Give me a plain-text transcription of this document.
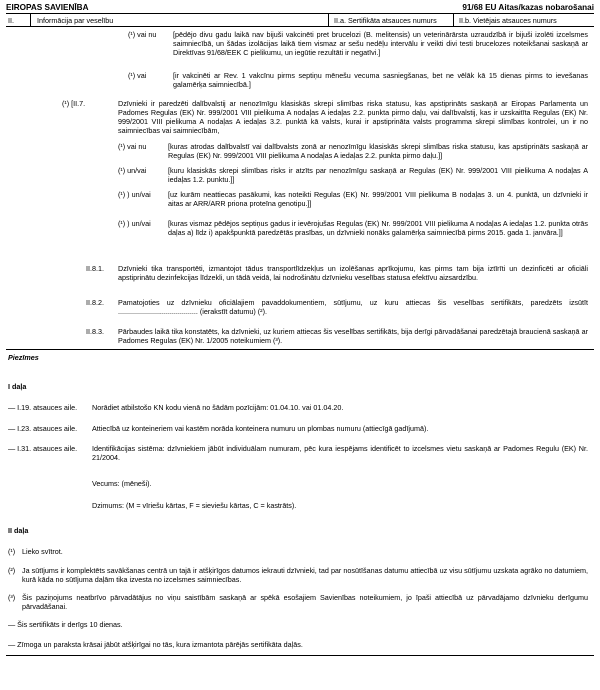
EIROPAS SAVIENĪBA	91/68 EU Aitas/kazas nobarošanai
II.	Informācija par veselību	II.a. Sertifikāta atsauces numurs	II.b. Vietējais atsauces numurs
(¹) vai nu [pēdējo divu gadu laikā nav bijuši vakcinēti pret brucelozi (B. melitensis) un veterinārārsta uzraudzībā ir bijuši izolēti izcelsmes saimniecībā, un šādas izolācijas laikā tiem vismaz ar sešu nedēļu intervālu ir veikti divi testi brucelozes noteikšanai saskaņā ar Direktīvas 91/68/EEK C pielikumu, un iegūtie rezultāti ir negatīvi.]
(¹) vai	[ir vakcinēti ar Rev. 1 vakcīnu pirms septiņu mēnešu vecuma sasniegšanas, bet ne vēlāk kā 15 dienas pirms to ievešanas galamērķa saimniecībā.]
(¹) [II.7.	Dzīvnieki ir paredzēti dalībvalstij ar nenozīmīgu klasiskās skrepi slimības riska statusu, kas apstiprināts saskaņā ar Eiropas Parlamenta un Padomes Regulas (EK) Nr. 999/2001 VIII pielikuma A nodaļas A iedaļas 2.2. punkta pirmo daļu, vai dalībvalstij, kas ir uzskaitīta Regulas (EK) Nr. 999/2001 VIII pielikuma A nodaļas A iedaļas 3.2. punktā kā valsts, kurai ir apstiprināta valsts programma skrepi slimības kontrolei, un ir no saimniecības vai saimniecībām,
(¹) vai nu	[kuras atrodas dalībvalstī vai dalībvalsts zonā ar nenozīmīgu klasiskās skrepi slimības riska statusu, kas apstiprināts saskaņā ar Regulas (EK) Nr. 999/2001 VIII pielikuma A nodaļas A iedaļas 2.2. punkta pirmo daļu.]]
(¹) un/vai	[kuru klasiskās skrepi slimības risks ir atzīts par nenozīmīgu saskaņā ar Regulas (EK) Nr. 999/2001 VIII pielikuma A nodaļas A iedaļas 1.2. punktu.]]
(¹) ) un/vai [uz kurām neattiecas pasākumi, kas noteikti Regulas (EK) Nr. 999/2001 VIII pielikuma B nodaļas 3. un 4. punktā, un dzīvnieki ir aitas ar ARR/ARR priona proteīna genotipu.]]
(¹) ) un/vai [kuras vismaz pēdējos septiņus gadus ir ievērojušas Regulas (EK) Nr. 999/2001 VIII pielikuma A nodaļas A iedaļas 1.2. punkta otrās daļas a) līdz i) apakšpunktā paredzētās prasības, un dzīvnieki nonāks galamērķa saimniecībā pirms 2015. gada 1. janvāra.]]
II.8.1. Dzīvnieki tika transportēti, izmantojot tādus transportlīdzekļus un izolēšanas aprīkojumu, kas pirms tam bija iztīrīti un dezinficēti ar oficiāli apstiprinātu dezinfekcijas līdzekli, un tādā veidā, lai nodrošinātu dzīvnieku veselības statusa efektīvu aizsardzību.
II.8.2. Pamatojoties uz dzīvnieku oficiālajiem pavaddokumentiem, sūtījumu, uz kuru attiecas šis veselības sertifikāts, paredzēts izsūtīt ........................................ (ierakstīt datumu) (²).
II.8.3. Pārbaudes laikā tika konstatēts, ka dzīvnieki, uz kuriem attiecas šis veselības sertifikāts, bija derīgi pārvadāšanai paredzētajā braucienā saskaņā ar Padomes Regulas (EK) Nr. 1/2005 noteikumiem (³).
Piezīmes
I daļa
— I.19. atsauces aile. Norādiet atbilstošo KN kodu vienā no šādām pozīcijām: 01.04.10. vai 01.04.20.
— I.23. atsauces aile. Attiecībā uz konteineriem vai kastēm norāda konteinera numuru un plombas numuru (attiecīgā gadījumā).
— I.31. atsauces aile. Identifikācijas sistēma: dzīvniekiem jābūt individuālam numuram, pēc kura iespējams identificēt to izcelsmes vietu saskaņā ar Padomes Regulu (EK) Nr. 21/2004.
Vecums: (mēneši).
Dzimums: (M = vīriešu kārtas, F = sieviešu kārtas, C = kastrāts).
II daļa
(¹) Lieko svītrot.
(²) Ja sūtījums ir komplektēts savākšanas centrā un tajā ir atšķirīgos datumos iekrauti dzīvnieki, tad par nosūtīšanas datumu attiecībā uz visu sūtījumu uzskata agrāko no datumiem, kurā kāda no sūtījuma daļām tika izvesta no izcelsmes saimniecības.
(³) Šis paziņojums neatbrīvo pārvadātājus no viņu saistībām saskaņā ar spēkā esošajiem Savienības noteikumiem, jo īpaši attiecībā uz pārvadājamo dzīvnieku derīgumu pārvadāšanai.
— Šis sertifikāts ir derīgs 10 dienas.
— Zīmoga un paraksta krāsai jābūt atšķirīgai no tās, kura izmantota pārējās sertifikāta daļās.
